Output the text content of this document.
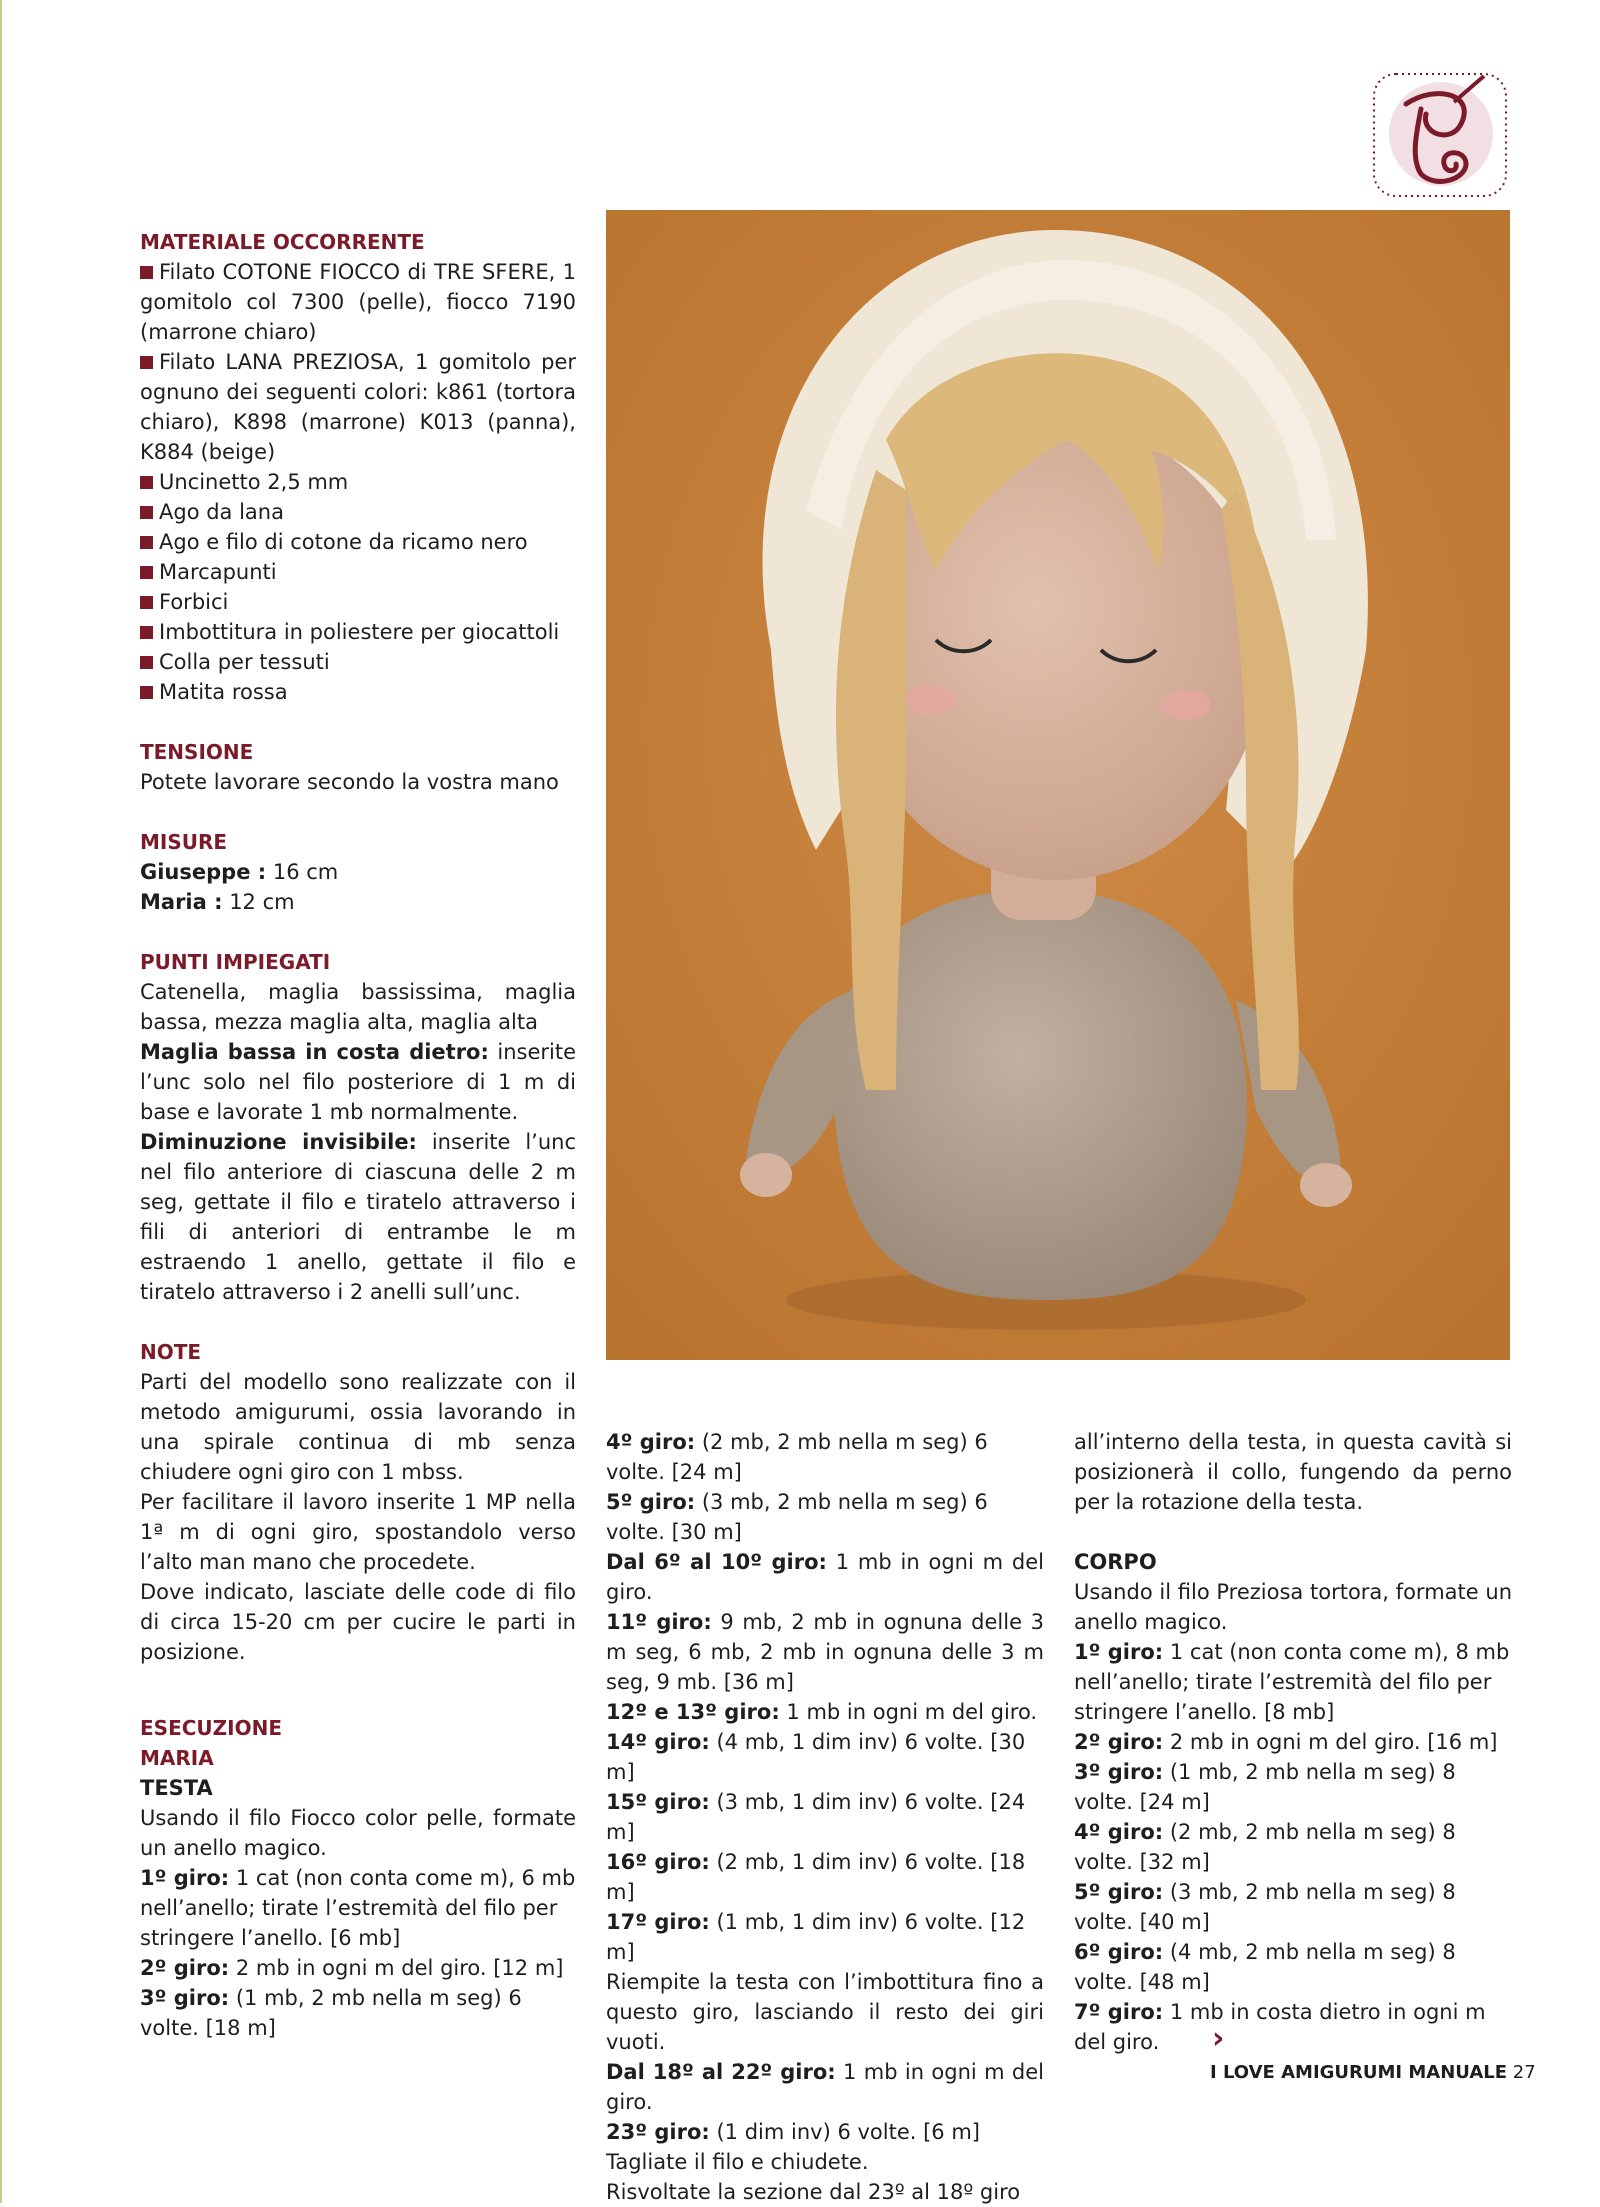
MATERIALE OCCORRENTE

Filato COTONE FIOCCO di TRE SFERE, 1 gomitolo col 7300 (pelle), fiocco 7190 (marrone chiaro)

Filato LANA PREZIOSA, 1 gomitolo per ognuno dei seguenti colori: k861 (tortora chiaro), K898 (marrone) K013 (panna), K884 (beige)

Uncinetto 2,5 mm

Ago da lana

Ago e filo di cotone da ricamo nero

Marcapunti

Forbici

Imbottitura in poliestere per giocattoli

Colla per tessuti

Matita rossa

TENSIONE

Potete lavorare secondo la vostra mano

MISURE

Giuseppe : 16 cm

Maria : 12 cm

PUNTI IMPIEGATI

Catenella, maglia bassissima, maglia bassa, mezza maglia alta, maglia alta

Maglia bassa in costa dietro: inserite l’unc solo nel filo posteriore di 1 m di base e lavorate 1 mb normalmente.

Diminuzione invisibile: inserite l’unc nel filo anteriore di ciascuna delle 2 m seg, gettate il filo e tiratelo attraverso i fili di anteriori di entrambe le m estraendo 1 anello, gettate il filo e tiratelo attraverso i 2 anelli sull’unc.

NOTE

Parti del modello sono realizzate con il metodo amigurumi, ossia lavorando in una spirale continua di mb senza chiudere ogni giro con 1 mbss.

Per facilitare il lavoro inserite 1 MP nella 1ª m di ogni giro, spostandolo verso l’alto man mano che procedete.

Dove indicato, lasciate delle code di filo di circa 15-20 cm per cucire le parti in posizione.

ESECUZIONE

MARIA

TESTA

Usando il filo Fiocco color pelle, formate un anello magico.

1º giro: 1 cat (non conta come m), 6 mb nell’anello; tirate l’estremità del filo per stringere l’anello. [6 mb]

2º giro: 2 mb in ogni m del giro. [12 m]

3º giro: (1 mb, 2 mb nella m seg) 6 volte. [18 m]

4º giro: (2 mb, 2 mb nella m seg) 6 volte. [24 m]

5º giro: (3 mb, 2 mb nella m seg) 6 volte. [30 m]

Dal 6º al 10º giro: 1 mb in ogni m del giro.

11º giro: 9 mb, 2 mb in ognuna delle 3 m seg, 6 mb, 2 mb in ognuna delle 3 m seg, 9 mb. [36 m]

12º e 13º giro: 1 mb in ogni m del giro.

14º giro: (4 mb, 1 dim inv) 6 volte. [30 m]

15º giro: (3 mb, 1 dim inv) 6 volte. [24 m]

16º giro: (2 mb, 1 dim inv) 6 volte. [18 m]

17º giro: (1 mb, 1 dim inv) 6 volte. [12 m]

Riempite la testa con l’imbottitura fino a questo giro, lasciando il resto dei giri vuoti.

Dal 18º al 22º giro: 1 mb in ogni m del giro.

23º giro: (1 dim inv) 6 volte. [6 m]

Tagliate il filo e chiudete.

Risvoltate la sezione dal 23º al 18º giro

all’interno della testa, in questa cavità si posizionerà il collo, fungendo da perno per la rotazione della testa.

CORPO

Usando il filo Preziosa tortora, formate un anello magico.

1º giro: 1 cat (non conta come m), 8 mb nell’anello; tirate l’estremità del filo per stringere l’anello. [8 mb]

2º giro: 2 mb in ogni m del giro. [16 m]

3º giro: (1 mb, 2 mb nella m seg) 8 volte. [24 m]

4º giro: (2 mb, 2 mb nella m seg) 8 volte. [32 m]

5º giro: (3 mb, 2 mb nella m seg) 8 volte. [40 m]

6º giro: (4 mb, 2 mb nella m seg) 8 volte. [48 m]

7º giro: 1 mb in costa dietro in ogni m del giro.	›
I LOVE AMIGURUMI MANUALE 27
